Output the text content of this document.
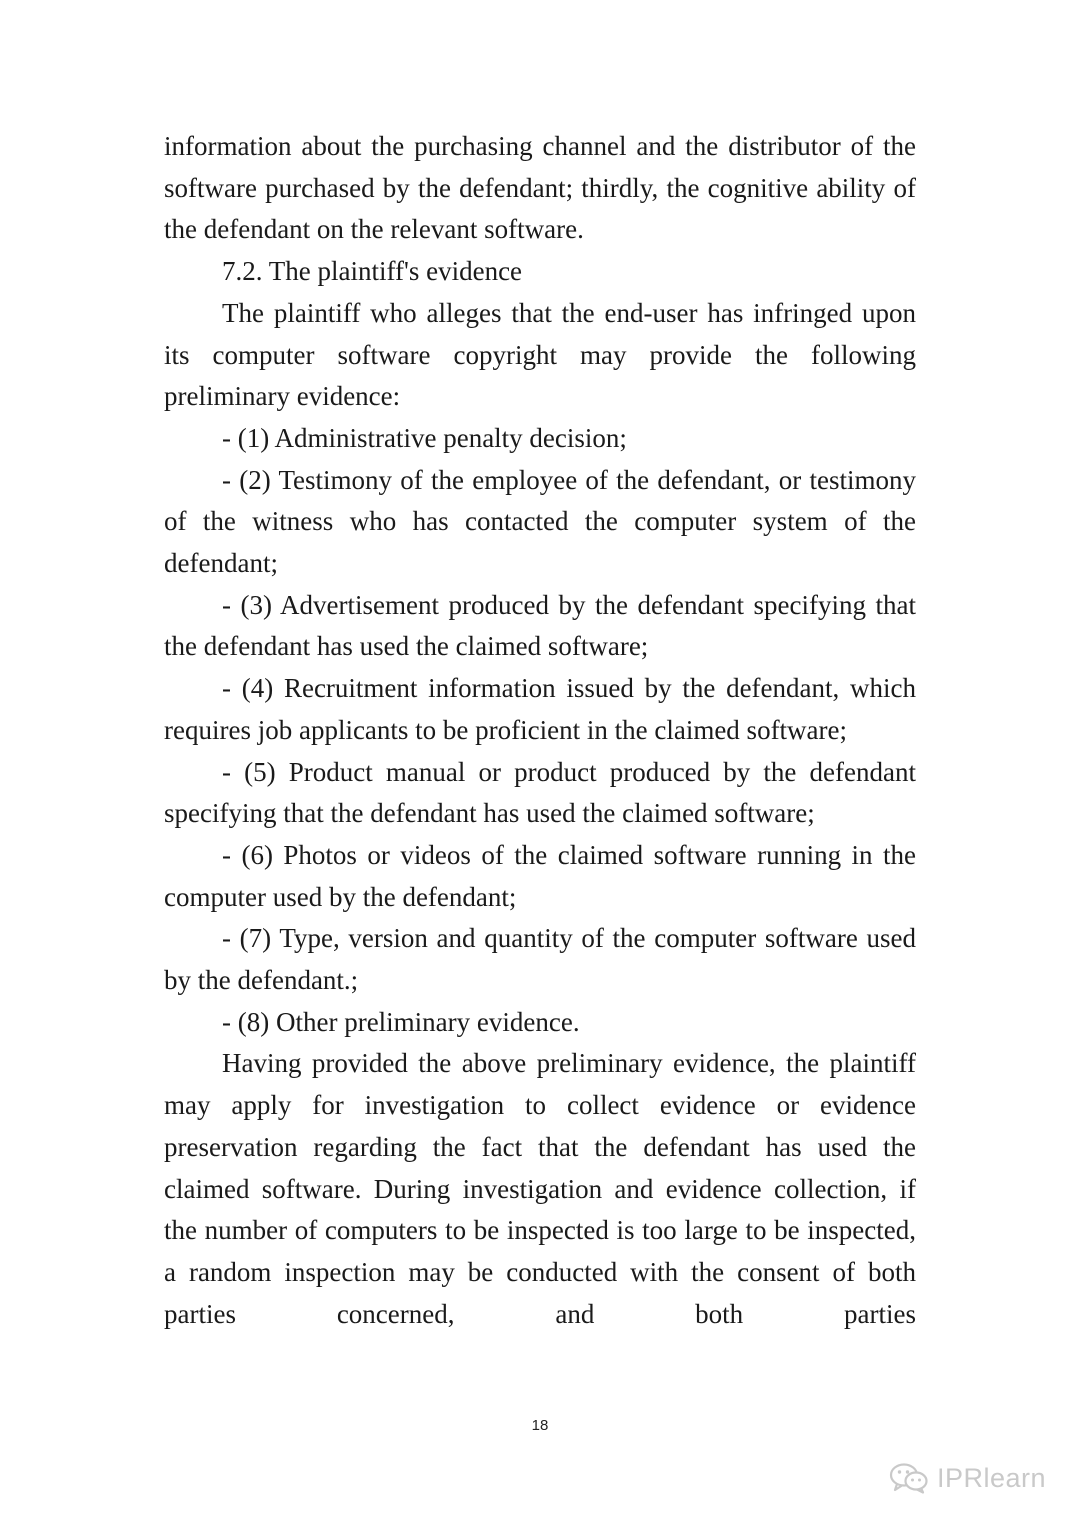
information about the purchasing channel and the distributor of the software purchased by the defendant; thirdly, the cognitive ability of the defendant on the relevant software.

7.2. The plaintiff's evidence

The plaintiff who alleges that the end-user has infringed upon its computer software copyright may provide the following preliminary evidence:

- (1) Administrative penalty decision;

- (2) Testimony of the employee of the defendant, or testimony of the witness who has contacted the computer system of the defendant;

- (3) Advertisement produced by the defendant specifying that the defendant has used the claimed software;

- (4) Recruitment information issued by the defendant, which requires job applicants to be proficient in the claimed software;

- (5) Product manual or product produced by the defendant specifying that the defendant has used the claimed software;

- (6) Photos or videos of the claimed software running in the computer used by the defendant;

- (7) Type, version and quantity of the computer software used by the defendant.;

- (8) Other preliminary evidence.

Having provided the above preliminary evidence, the plaintiff may apply for investigation to collect evidence or evidence preservation regarding the fact that the defendant has used the claimed software. During investigation and evidence collection, if the number of computers to be inspected is too large to be inspected, a random inspection may be conducted with the consent of both parties concerned, and both parties

18
IPRlearn
